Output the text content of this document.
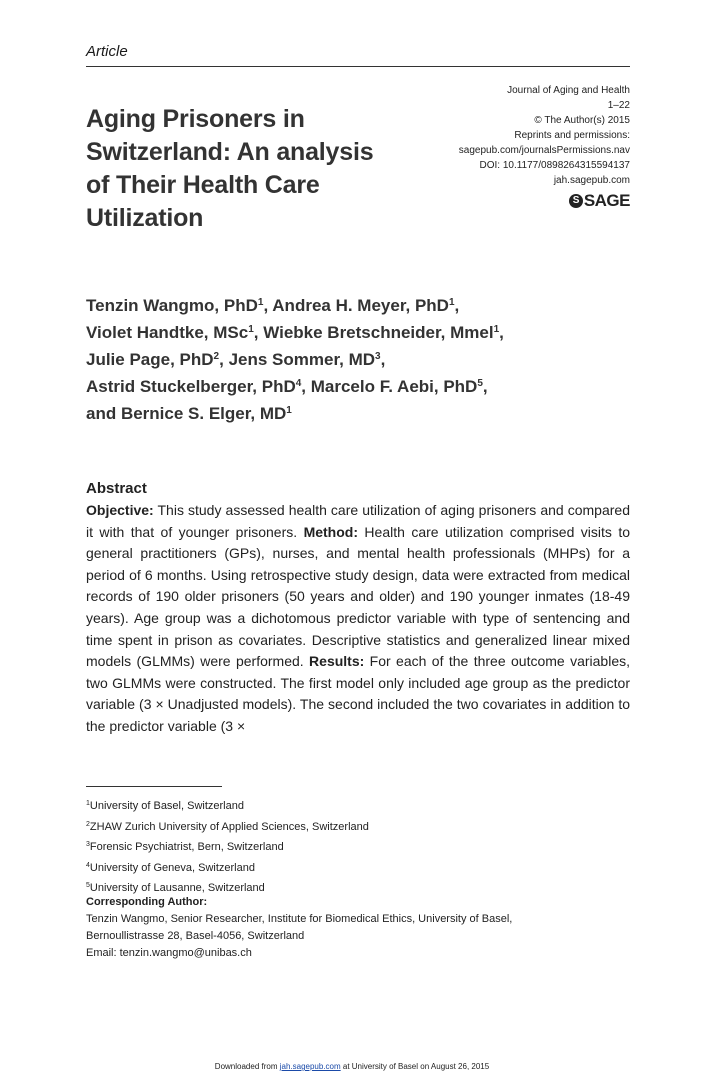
Article
Aging Prisoners in
Switzerland: An analysis
of Their Health Care
Utilization
Journal of Aging and Health
1–22
© The Author(s) 2015
Reprints and permissions:
sagepub.com/journalsPermissions.nav
DOI: 10.1177/0898264315594137
jah.sagepub.com
S SAGE
Tenzin Wangmo, PhD$^1$, Andrea H. Meyer, PhD$^1$,
Violet Handtke, MSc$^1$, Wiebke Bretschneider, Mmel$^1$,
Julie Page, PhD$^2$, Jens Sommer, $MD^3$,
Astrid Stuckelberger, PhD$^4$, Marcelo F. Aebi, PhD$^5$,
and Bernice S. Elger, $MD^1$
Abstract
Objective: This study assessed health care utilization of aging prisoners and compared it with that of younger prisoners. Method: Health care utilization comprised visits to general practitioners (GPs), nurses, and mental health professionals (MHPs) for a period of 6 months. Using retrospective study design, data were extracted from medical records of 190 older prisoners (50 years and older) and 190 younger inmates (18-49 years). Age group was a dichotomous predictor variable with type of sentencing and time spent in prison as covariates. Descriptive statistics and generalized linear mixed models (GLMMs) were performed. Results: For each of the three outcome variables, two GLMMs were constructed. The first model only included age group as the predictor variable (3 × Unadjusted models). The second included the two covariates in addition to the predictor variable (3 ×
$^1$University of Basel, Switzerland
$^2$ZHAW Zurich University of Applied Sciences, Switzerland
$^3$Forensic Psychiatrist, Bern, Switzerland
$^4$University of Geneva, Switzerland
$^5$University of Lausanne, Switzerland
Corresponding Author:
Tenzin Wangmo, Senior Researcher, Institute for Biomedical Ethics, University of Basel,
Bernoullistrasse 28, Basel-4056, Switzerland
Email: tenzin.wangmo@unibas.ch
Downloaded from jah.sagepub.com at University of Basel on August 26, 2015
